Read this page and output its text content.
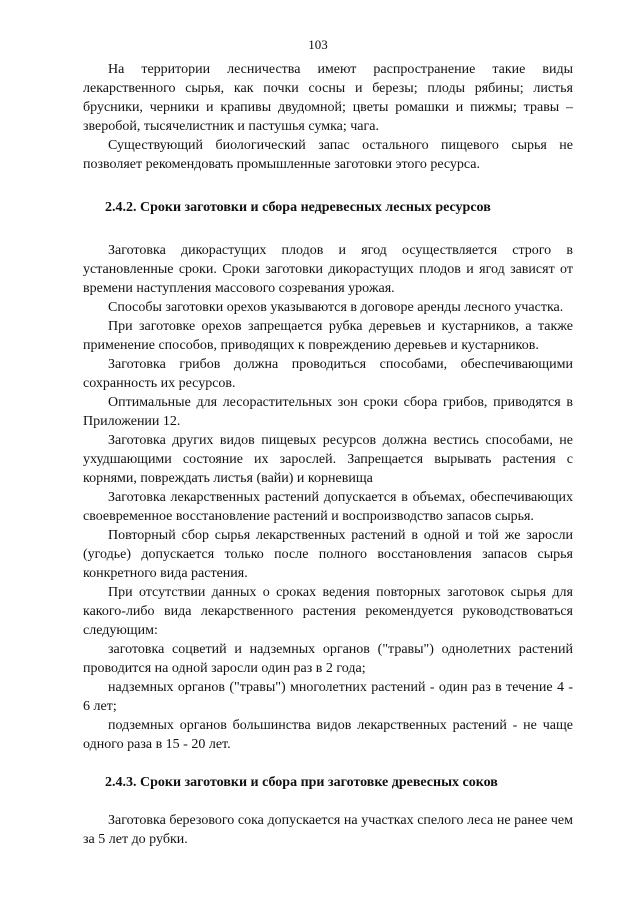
103

На территории лесничества имеют распространение такие виды лекарственного сырья, как почки сосны и березы; плоды рябины; листья брусники, черники и крапивы двудомной; цветы ромашки и пижмы; травы – зверобой, тысячелистник и пастушья сумка; чага.

Существующий биологический запас остального пищевого сырья не позволяет рекомендовать промышленные заготовки этого ресурса.

2.4.2. Сроки заготовки и сбора недревесных лесных ресурсов

Заготовка дикорастущих плодов и ягод осуществляется строго в установленные сроки. Сроки заготовки дикорастущих плодов и ягод зависят от времени наступления массового созревания урожая.

Способы заготовки орехов указываются в договоре аренды лесного участка.

При заготовке орехов запрещается рубка деревьев и кустарников, а также применение способов, приводящих к повреждению деревьев и кустарников.

Заготовка грибов должна проводиться способами, обеспечивающими сохранность их ресурсов.

Оптимальные для лесорастительных зон сроки сбора грибов, приводятся в Приложении 12.

Заготовка других видов пищевых ресурсов должна вестись способами, не ухудшающими состояние их зарослей. Запрещается вырывать растения с корнями, повреждать листья (вайи) и корневища

Заготовка лекарственных растений допускается в объемах, обеспечивающих своевременное восстановление растений и воспроизводство запасов сырья.

Повторный сбор сырья лекарственных растений в одной и той же заросли (угодье) допускается только после полного восстановления запасов сырья конкретного вида растения.

При отсутствии данных о сроках ведения повторных заготовок сырья для какого-либо вида лекарственного растения рекомендуется руководствоваться следующим:

заготовка соцветий и надземных органов ("травы") однолетних растений проводится на одной заросли один раз в 2 года;

надземных органов ("травы") многолетних растений - один раз в течение 4 - 6 лет;

подземных органов большинства видов лекарственных растений - не чаще одного раза в 15 - 20 лет.

2.4.3. Сроки заготовки и сбора при заготовке древесных соков

Заготовка березового сока допускается на участках спелого леса не ранее чем за 5 лет до рубки.
